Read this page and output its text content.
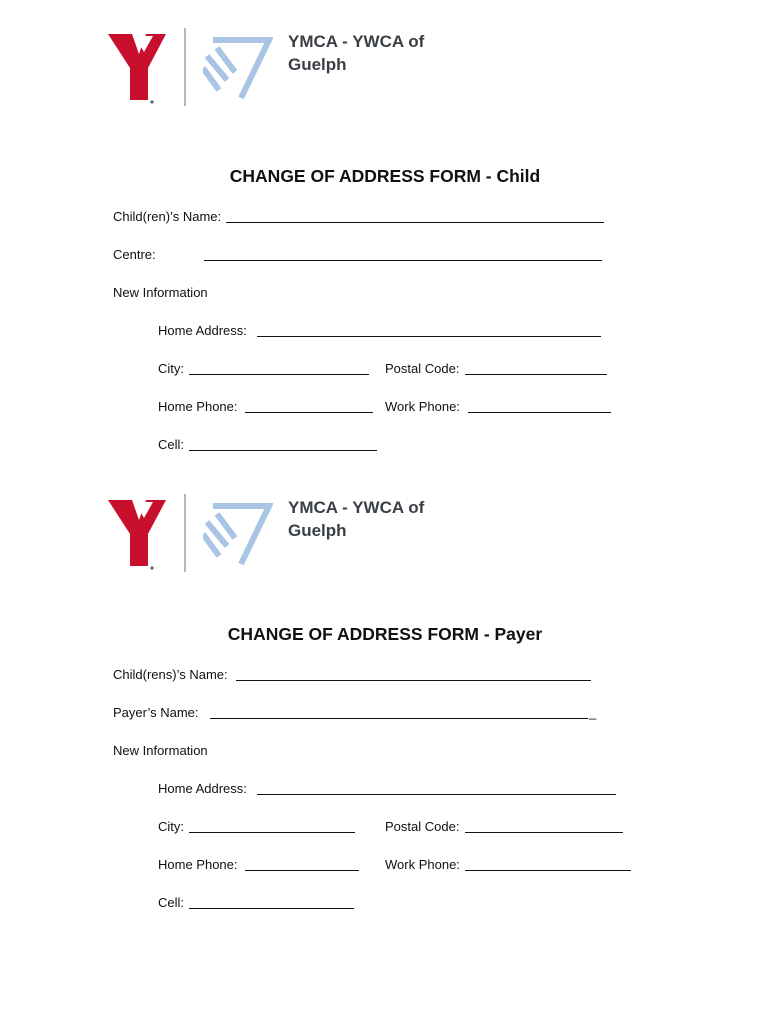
YMCA - YWCA of
Guelph
CHANGE OF ADDRESS FORM - Child
Child(ren)’s Name:
Centre:
New Information
Home Address:
City:	Postal Code:
Home Phone:	Work Phone:
Cell:
YMCA - YWCA of
Guelph
CHANGE OF ADDRESS FORM - Payer
Child(rens)’s Name:
Payer’s Name:	_
New Information
Home Address:
City:	Postal Code:
Home Phone:	Work Phone:
Cell:
